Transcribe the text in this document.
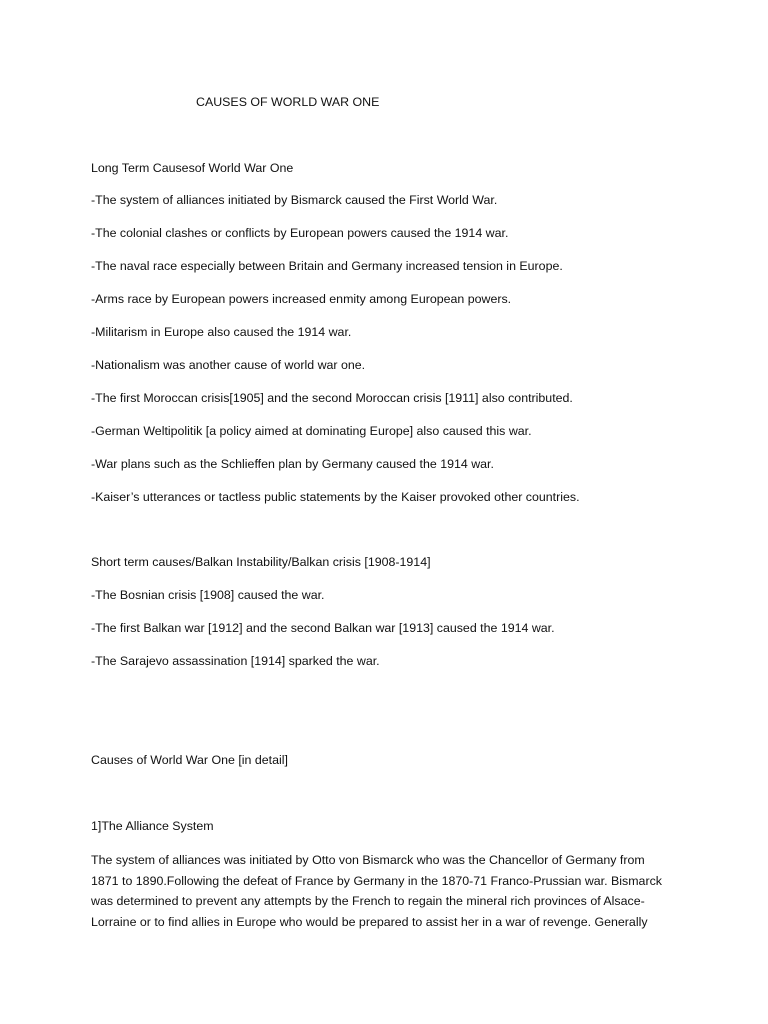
CAUSES OF WORLD WAR ONE

Long Term Causesof World War One

-The system of alliances initiated by Bismarck caused the First World War.

-The colonial clashes or conflicts by European powers caused the 1914 war.

-The naval race especially between Britain and Germany increased tension in Europe.

-Arms race by European powers increased enmity among European powers.

-Militarism in Europe also caused the 1914 war.

-Nationalism was another cause of world war one.

-The first Moroccan crisis[1905] and the second Moroccan crisis [1911] also contributed.

-German Weltipolitik [a policy aimed at dominating Europe] also caused this war.

-War plans such as the Schlieffen plan by Germany caused the 1914 war.

-Kaiser’s utterances or tactless public statements by the Kaiser provoked other countries.

Short term causes/Balkan Instability/Balkan crisis [1908-1914]

-The Bosnian crisis [1908] caused the war.

-The first Balkan war [1912] and the second Balkan war [1913] caused the 1914 war.

-The Sarajevo assassination [1914] sparked the war.

Causes of World War One [in detail]

1]The Alliance System

The system of alliances was initiated by Otto von Bismarck who was the Chancellor of Germany from
1871 to 1890.Following the defeat of France by Germany in the 1870-71 Franco-Prussian war. Bismarck
was determined to prevent any attempts by the French to regain the mineral rich provinces of Alsace-
Lorraine or to find allies in Europe who would be prepared to assist her in a war of revenge. Generally
